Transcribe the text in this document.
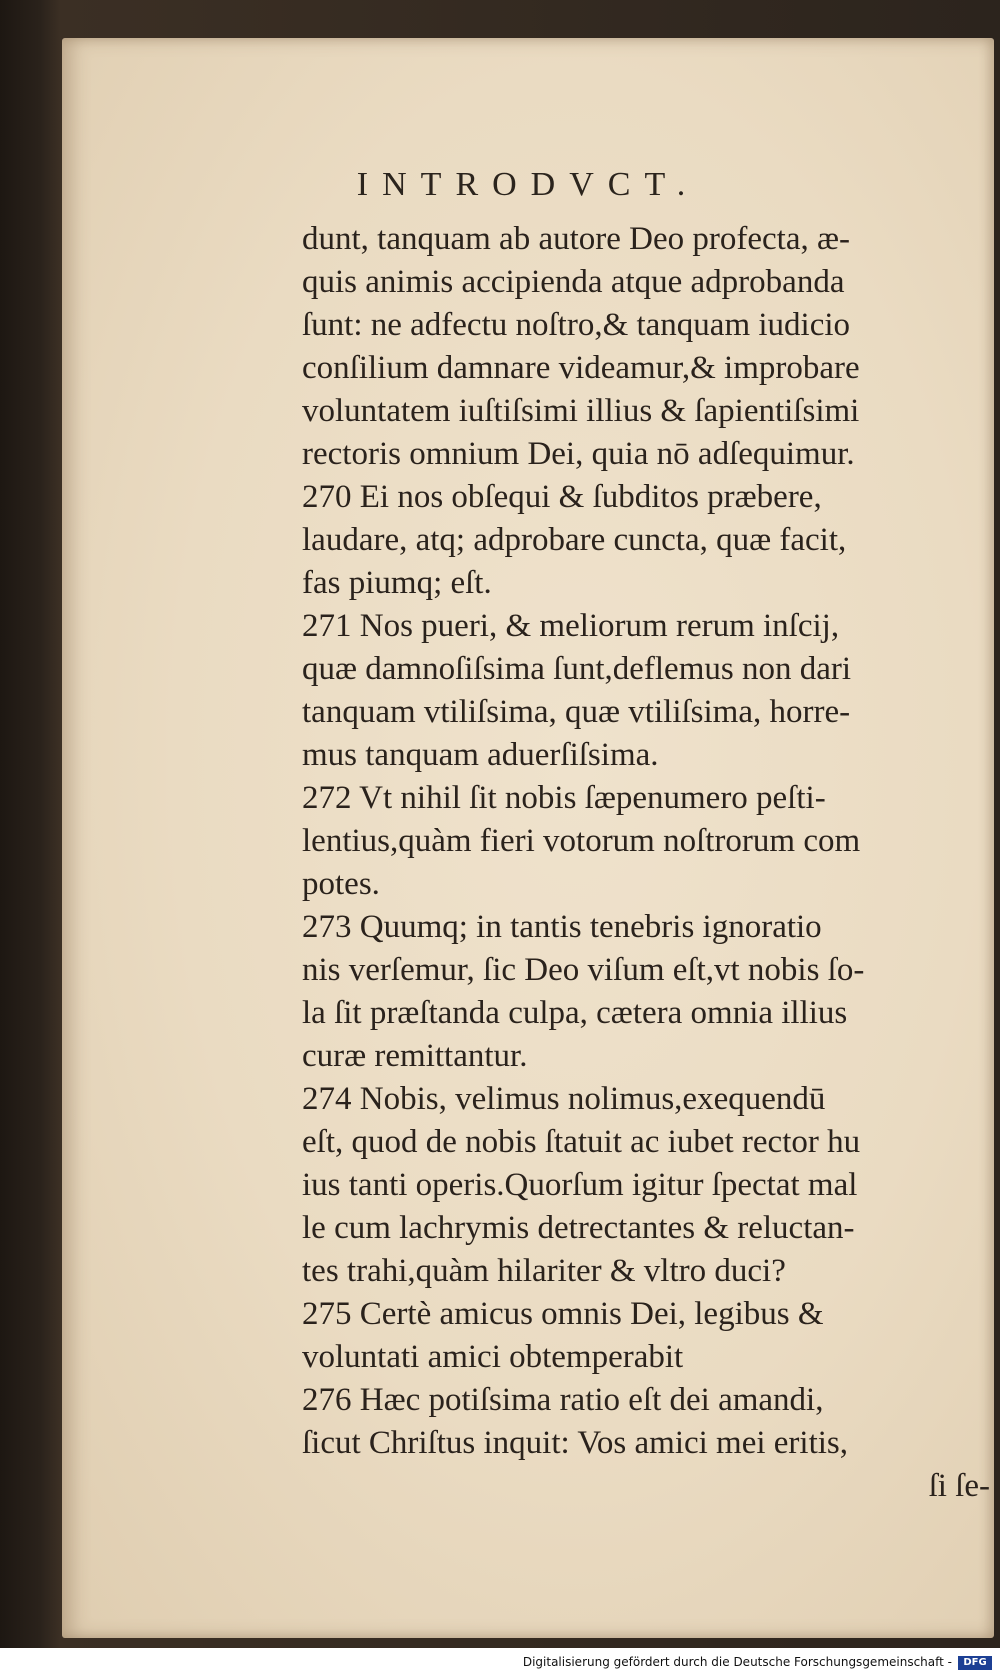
INTRODVCT.
dunt, tanquam ab autore Deo profecta, æ-
quis animis accipienda atque adprobanda
ſunt: ne adfectu noſtro,& tanquam iudicio
conſilium damnare videamur,& improbare
voluntatem iuſtiſsimi illius & ſapientiſsimi
rectoris omnium Dei, quia nō adſequimur.
270 Ei nos obſequi & ſubditos præbere,
laudare, atq; adprobare cuncta, quæ facit,
fas piumq; eſt.
271 Nos pueri, & meliorum rerum inſcij,
quæ damnoſiſsima ſunt,deflemus non dari
tanquam vtiliſsima, quæ vtiliſsima, horre-
mus tanquam aduerſiſsima.
272 Vt nihil ſit nobis ſæpenumero peſti-
lentius,quàm fieri votorum noſtrorum com
potes.
273 Quumq; in tantis tenebris ignoratio
nis verſemur, ſic Deo viſum eſt,vt nobis ſo-
la ſit præſtanda culpa, cætera omnia illius
curæ remittantur.
274 Nobis, velimus nolimus,exequendū
eſt, quod de nobis ſtatuit ac iubet rector hu
ius tanti operis.Quorſum igitur ſpectat mal
le cum lachrymis detrectantes & reluctan-
tes trahi,quàm hilariter & vltro duci?
275 Certè amicus omnis Dei, legibus &
voluntati amici obtemperabit
276 Hæc potiſsima ratio eſt dei amandi,
ſicut Chriſtus inquit: Vos amici mei eritis,
ſi ſe-
Digitalisierung gefördert durch die Deutsche Forschungsgemeinschaft -	DFG
